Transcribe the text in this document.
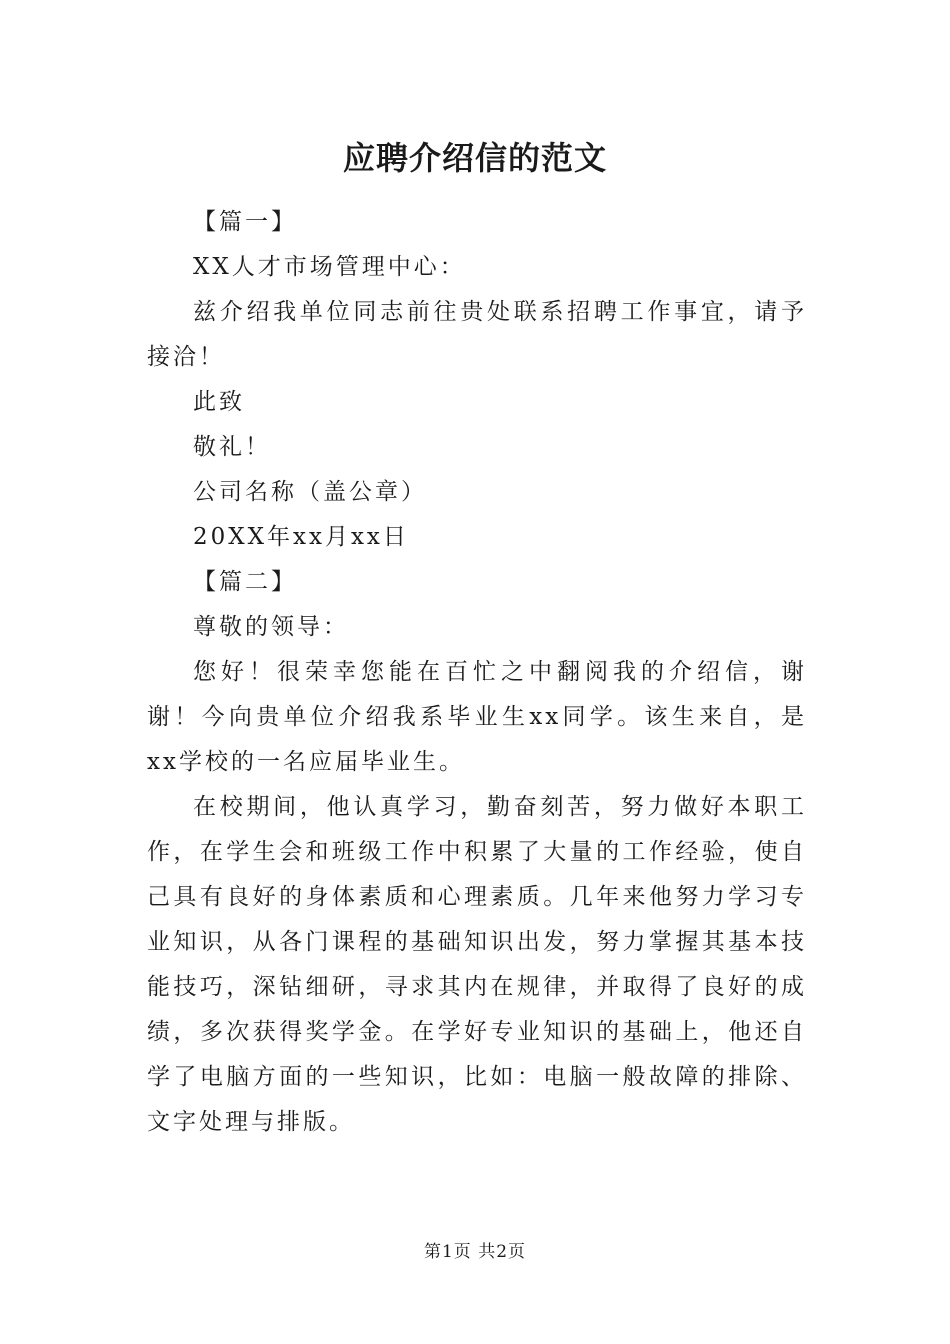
应聘介绍信的范文

【篇一】

XX人才市场管理中心：

兹介绍我单位同志前往贵处联系招聘工作事宜，请予接洽！

此致

敬礼！

公司名称（盖公章）

20XX年xx月xx日

【篇二】

尊敬的领导：

您好！很荣幸您能在百忙之中翻阅我的介绍信，谢谢！今向贵单位介绍我系毕业生xx同学。该生来自，是xx学校的一名应届毕业生。

在校期间，他认真学习，勤奋刻苦，努力做好本职工作，在学生会和班级工作中积累了大量的工作经验，使自己具有良好的身体素质和心理素质。几年来他努力学习专业知识，从各门课程的基础知识出发，努力掌握其基本技能技巧，深钻细研，寻求其内在规律，并取得了良好的成绩，多次获得奖学金。在学好专业知识的基础上，他还自学了电脑方面的一些知识，比如：电脑一般故障的排除、文字处理与排版。

第1页 共2页
